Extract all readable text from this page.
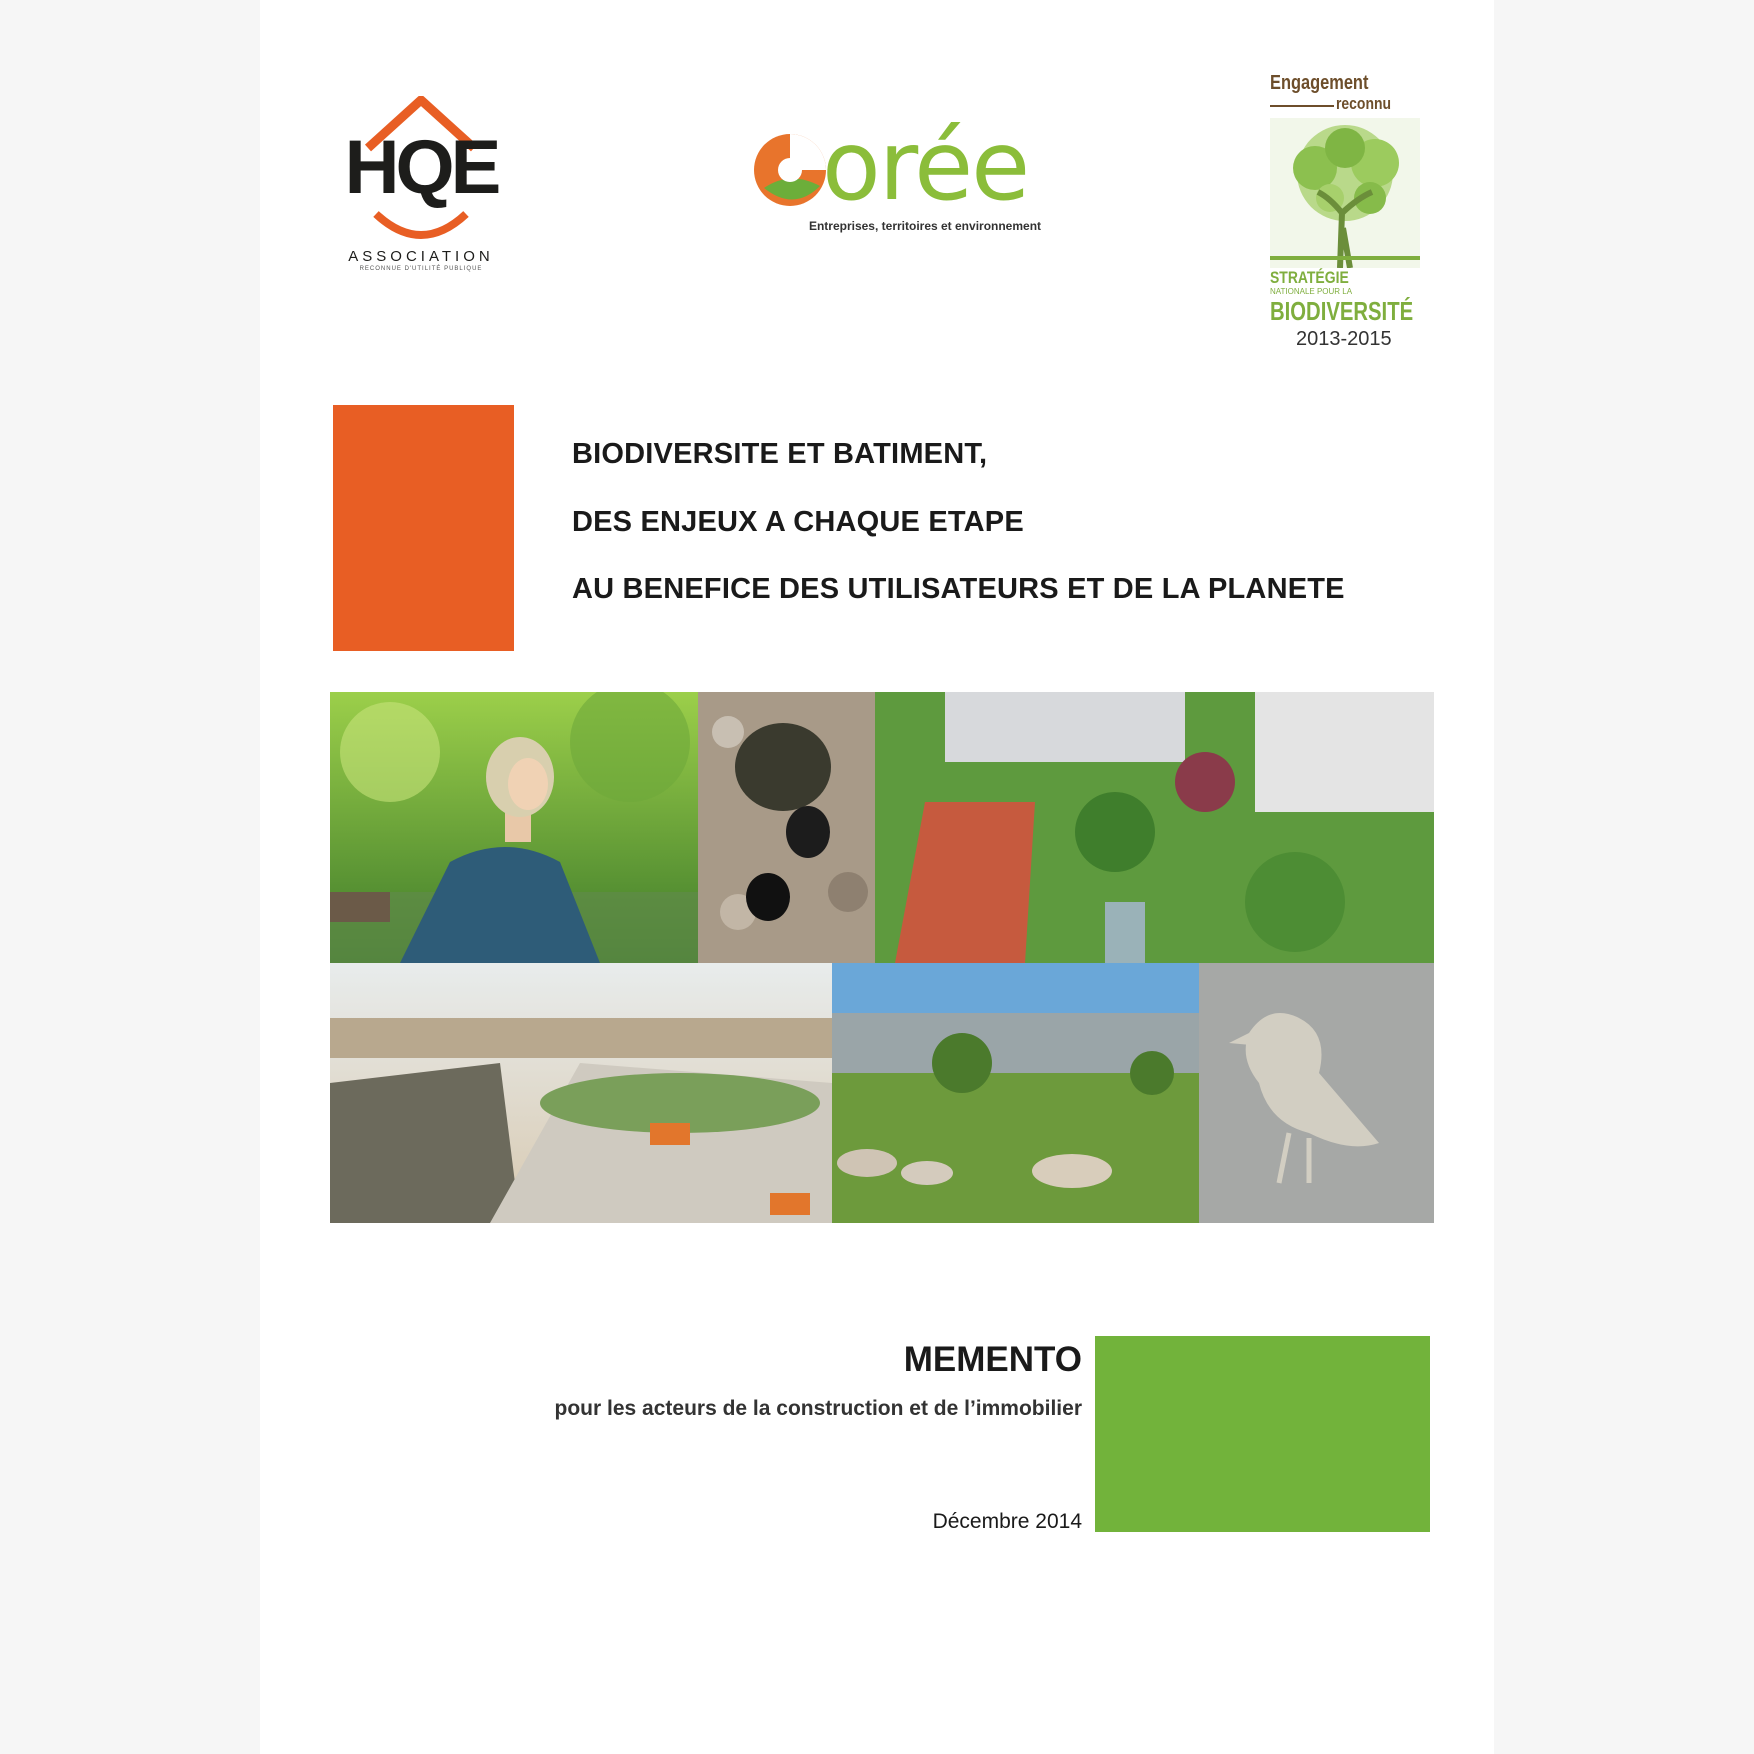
HQE
ASSOCIATION
RECONNUE D'UTILITÉ PUBLIQUE
orée
Entreprises, territoires et environnement
Engagement
reconnu
STRATÉGIE
NATIONALE POUR LA
BIODIVERSITÉ
2013-2015
BIODIVERSITE ET BATIMENT,
DES ENJEUX A CHAQUE ETAPE
AU BENEFICE DES UTILISATEURS ET DE LA PLANETE
MEMENTO
pour les acteurs de la construction et de l’immobilier
Décembre 2014
